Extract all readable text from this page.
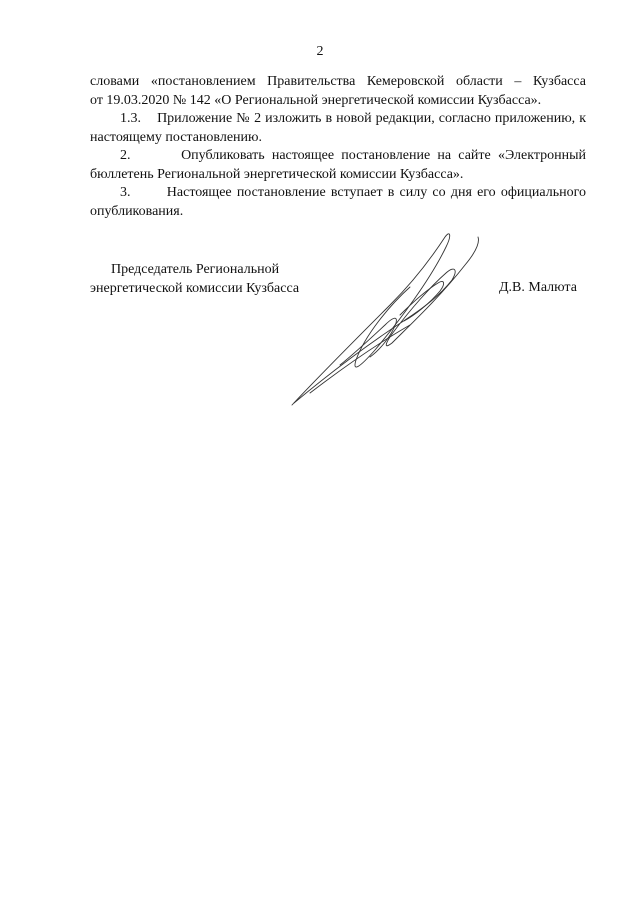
2

словами «постановлением Правительства Кемеровской области – Кузбасса

от 19.03.2020 № 142 «О Региональной энергетической комиссии Кузбасса».

1.3. Приложение № 2 изложить в новой редакции, согласно приложению, к настоящему постановлению.

2.	Опубликовать настоящее постановление на сайте «Электронный бюллетень Региональной энергетической комиссии Кузбасса».

3.	Настоящее постановление вступает в силу со дня его официального опубликования.

Председатель Региональной
энергетической комиссии Кузбасса	Д.В. Малюта
